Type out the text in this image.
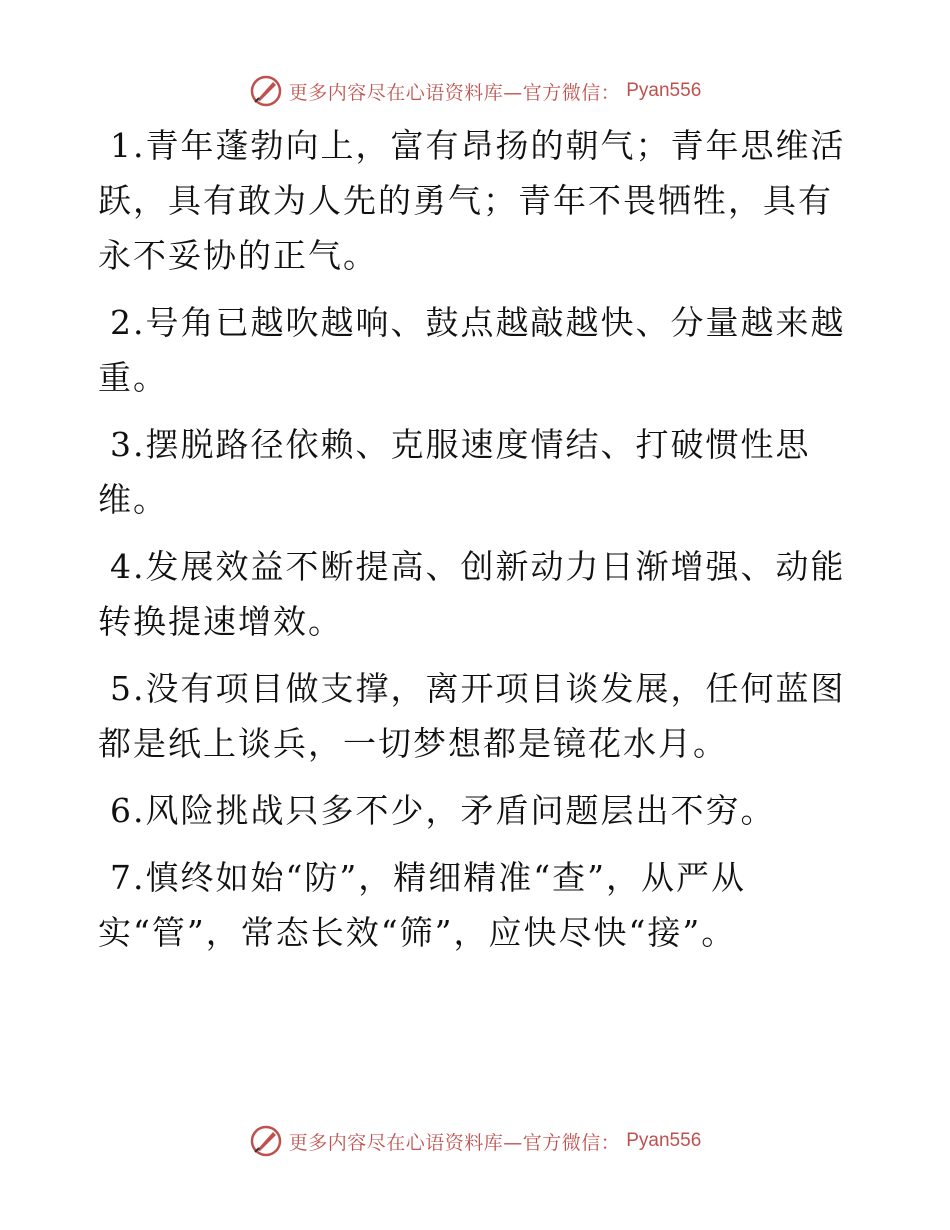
更多内容尽在心语资料库—官方微信： Pyan556

1.青年蓬勃向上，富有昂扬的朝气；青年思维活跃，具有敢为人先的勇气；青年不畏牺牲，具有永不妥协的正气。

2.号角已越吹越响、鼓点越敲越快、分量越来越重。

3.摆脱路径依赖、克服速度情结、打破惯性思维。

4.发展效益不断提高、创新动力日渐增强、动能转换提速增效。

5.没有项目做支撑，离开项目谈发展，任何蓝图都是纸上谈兵，一切梦想都是镜花水月。

6.风险挑战只多不少，矛盾问题层出不穷。

7.慎终如始“防”，精细精准“查”，从严从实“管”，常态长效“筛”，应快尽快“接”。

更多内容尽在心语资料库—官方微信： Pyan556
